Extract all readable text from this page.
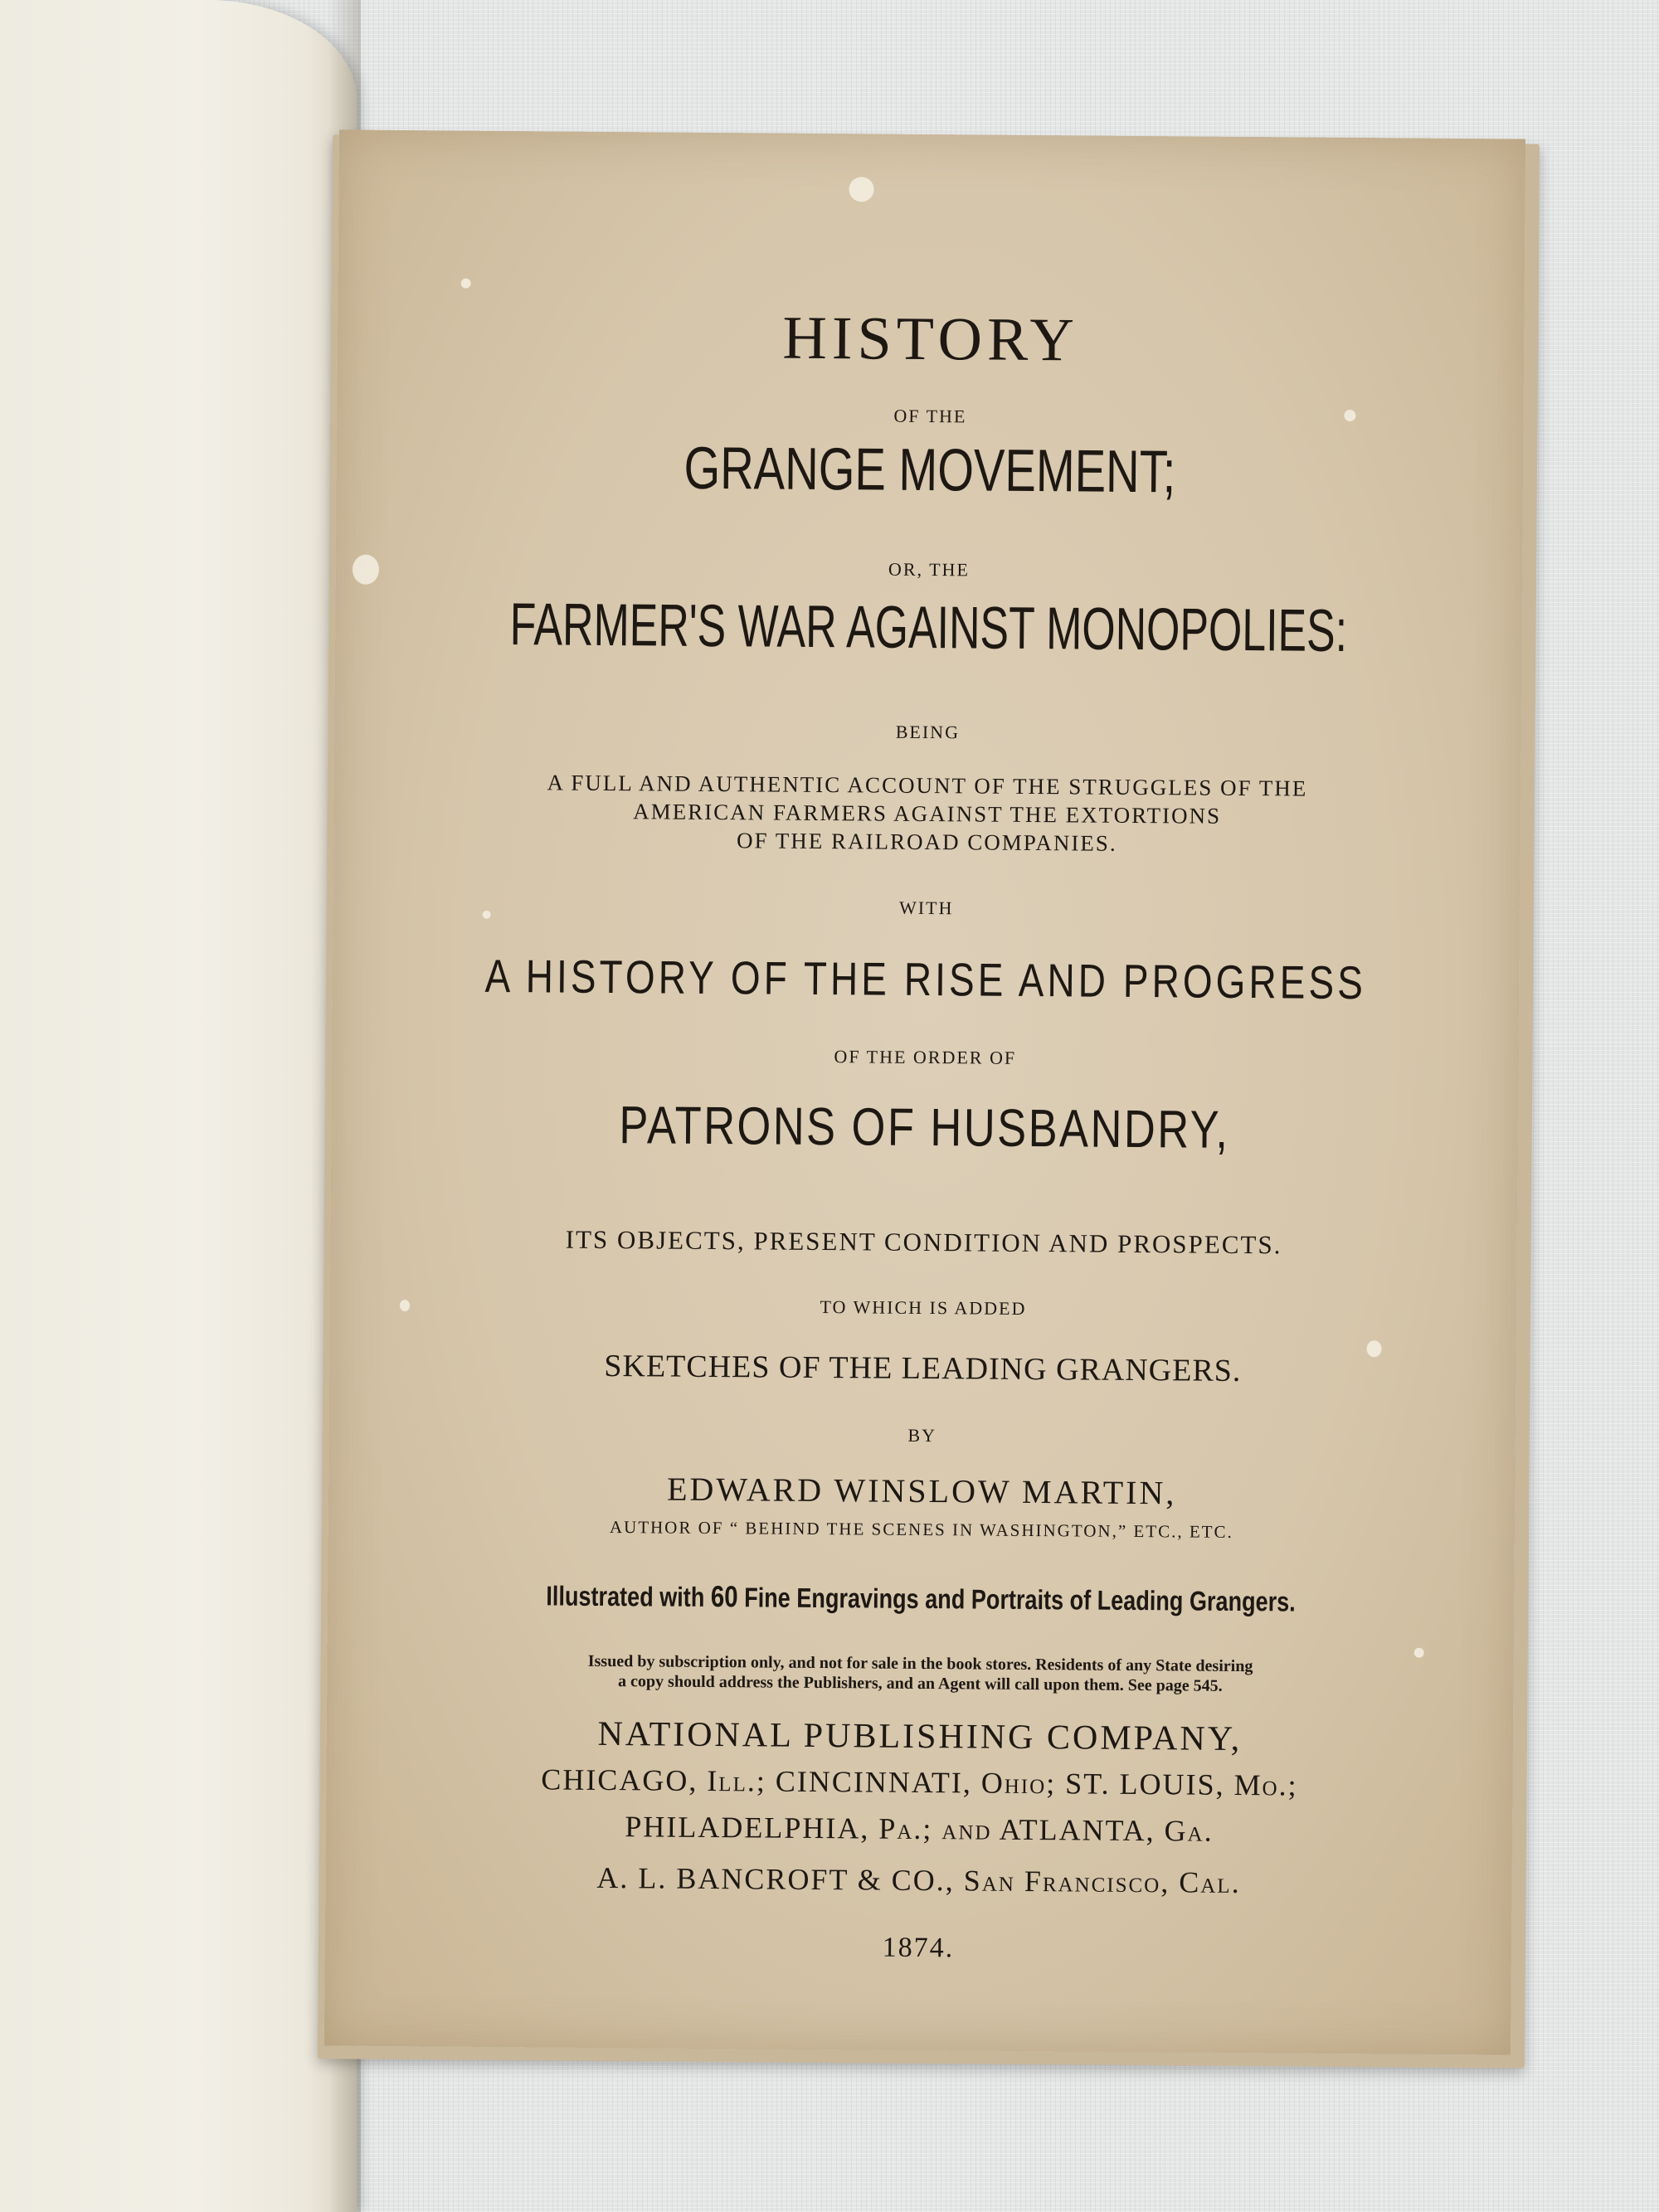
HISTORY
OF THE
GRANGE MOVEMENT;
OR, THE
FARMER'S WAR AGAINST MONOPOLIES:
BEING
A FULL AND AUTHENTIC ACCOUNT OF THE STRUGGLES OF THE
AMERICAN FARMERS AGAINST THE EXTORTIONS
OF THE RAILROAD COMPANIES.
WITH
A HISTORY OF THE RISE AND PROGRESS
OF THE ORDER OF
PATRONS OF HUSBANDRY,
ITS OBJECTS, PRESENT CONDITION AND PROSPECTS.
TO WHICH IS ADDED
SKETCHES OF THE LEADING GRANGERS.
BY
EDWARD WINSLOW MARTIN,
AUTHOR OF “ BEHIND THE SCENES IN WASHINGTON,” ETC., ETC.
Illustrated with 60 Fine Engravings and Portraits of Leading Grangers.
Issued by subscription only, and not for sale in the book stores. Residents of any State desiring
a copy should address the Publishers, and an Agent will call upon them. See page 545.
NATIONAL PUBLISHING COMPANY,
CHICAGO, Ill.; CINCINNATI, Ohio; ST. LOUIS, Mo.;
PHILADELPHIA, Pa.; and ATLANTA, Ga.
A. L. BANCROFT & CO., San Francisco, Cal.
1874.
